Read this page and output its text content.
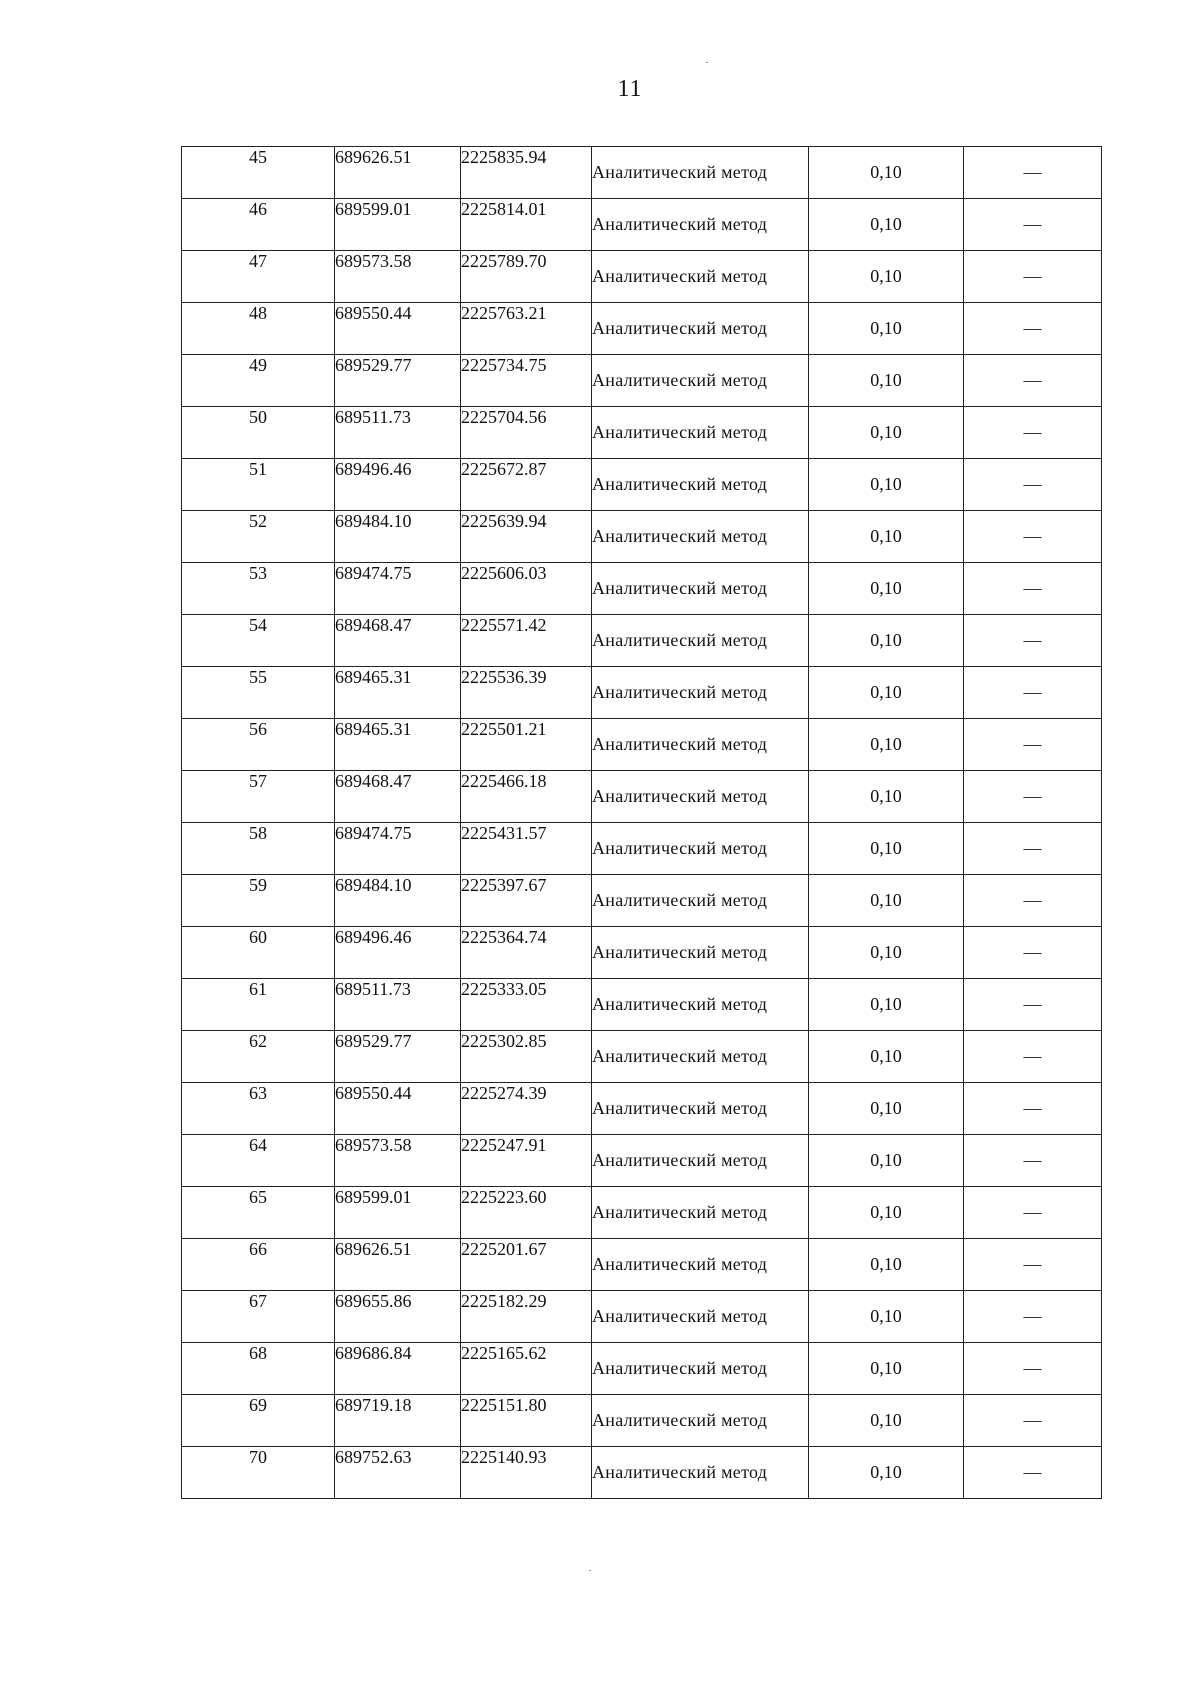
11
45	689626.51	2225835.94	Аналитический метод	0,10	—
46	689599.01	2225814.01	Аналитический метод	0,10	—
47	689573.58	2225789.70	Аналитический метод	0,10	—
48	689550.44	2225763.21	Аналитический метод	0,10	—
49	689529.77	2225734.75	Аналитический метод	0,10	—
50	689511.73	2225704.56	Аналитический метод	0,10	—
51	689496.46	2225672.87	Аналитический метод	0,10	—
52	689484.10	2225639.94	Аналитический метод	0,10	—
53	689474.75	2225606.03	Аналитический метод	0,10	—
54	689468.47	2225571.42	Аналитический метод	0,10	—
55	689465.31	2225536.39	Аналитический метод	0,10	—
56	689465.31	2225501.21	Аналитический метод	0,10	—
57	689468.47	2225466.18	Аналитический метод	0,10	—
58	689474.75	2225431.57	Аналитический метод	0,10	—
59	689484.10	2225397.67	Аналитический метод	0,10	—
60	689496.46	2225364.74	Аналитический метод	0,10	—
61	689511.73	2225333.05	Аналитический метод	0,10	—
62	689529.77	2225302.85	Аналитический метод	0,10	—
63	689550.44	2225274.39	Аналитический метод	0,10	—
64	689573.58	2225247.91	Аналитический метод	0,10	—
65	689599.01	2225223.60	Аналитический метод	0,10	—
66	689626.51	2225201.67	Аналитический метод	0,10	—
67	689655.86	2225182.29	Аналитический метод	0,10	—
68	689686.84	2225165.62	Аналитический метод	0,10	—
69	689719.18	2225151.80	Аналитический метод	0,10	—
70	689752.63	2225140.93	Аналитический метод	0,10	—
